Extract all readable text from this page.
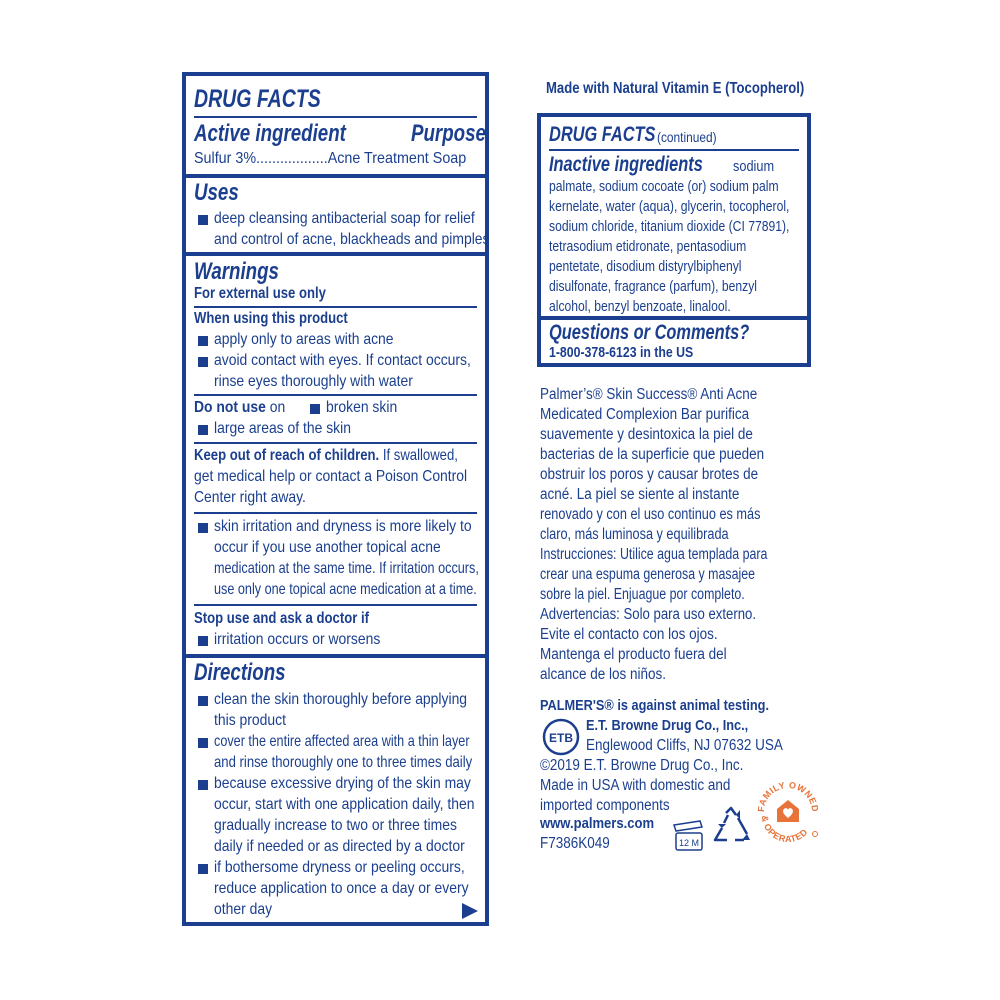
DRUG FACTS
Active ingredient	Purpose
Sulfur 3%..................Acne Treatment Soap
Uses
deep cleansing antibacterial soap for relief
and control of acne, blackheads and pimples
Warnings
For external use only
When using this product
apply only to areas with acne
avoid contact with eyes. If contact occurs,
rinse eyes thoroughly with water
Do not use on	broken skin
large areas of the skin
Keep out of reach of children. If swallowed,
get medical help or contact a Poison Control
Center right away.
skin irritation and dryness is more likely to
occur if you use another topical acne
medication at the same time. If irritation occurs,
use only one topical acne medication at a time.
Stop use and ask a doctor if
irritation occurs or worsens
Directions
clean the skin thoroughly before applying
this product
cover the entire affected area with a thin layer
and rinse thoroughly one to three times daily
because excessive drying of the skin may
occur, start with one application daily, then
gradually increase to two or three times
daily if needed or as directed by a doctor
if bothersome dryness or peeling occurs,
reduce application to once a day or every
other day
Made with Natural Vitamin E (Tocopherol)
DRUG FACTS (continued)
Inactive ingredients	sodium
palmate, sodium cocoate (or) sodium palm
kernelate, water (aqua), glycerin, tocopherol,
sodium chloride, titanium dioxide (CI 77891),
tetrasodium etidronate, pentasodium
pentetate, disodium distyrylbiphenyl
disulfonate, fragrance (parfum), benzyl
alcohol, benzyl benzoate, linalool.
Questions or Comments?
1-800-378-6123 in the US
Palmer’s® Skin Success® Anti Acne
Medicated Complexion Bar purifica
suavemente y desintoxica la piel de
bacterias de la superficie que pueden
obstruir los poros y causar brotes de
acné. La piel se siente al instante
renovado y con el uso continuo es más
claro, más luminosa y equilibrada
Instrucciones: Utilice agua templada para
crear una espuma generosa y masajee
sobre la piel. Enjuague por completo.
Advertencias: Solo para uso externo.
Evite el contacto con los ojos.
Mantenga el producto fuera del
alcance de los niños.
PALMER'S® is against animal testing.
ETB
E.T. Browne Drug Co., Inc.,
Englewood Cliffs, NJ 07632 USA
©2019 E.T. Browne Drug Co., Inc.
Made in USA with domestic and
imported components
www.palmers.com
F7386K049	12 M
FAMILY OWNED
& OPERATED
